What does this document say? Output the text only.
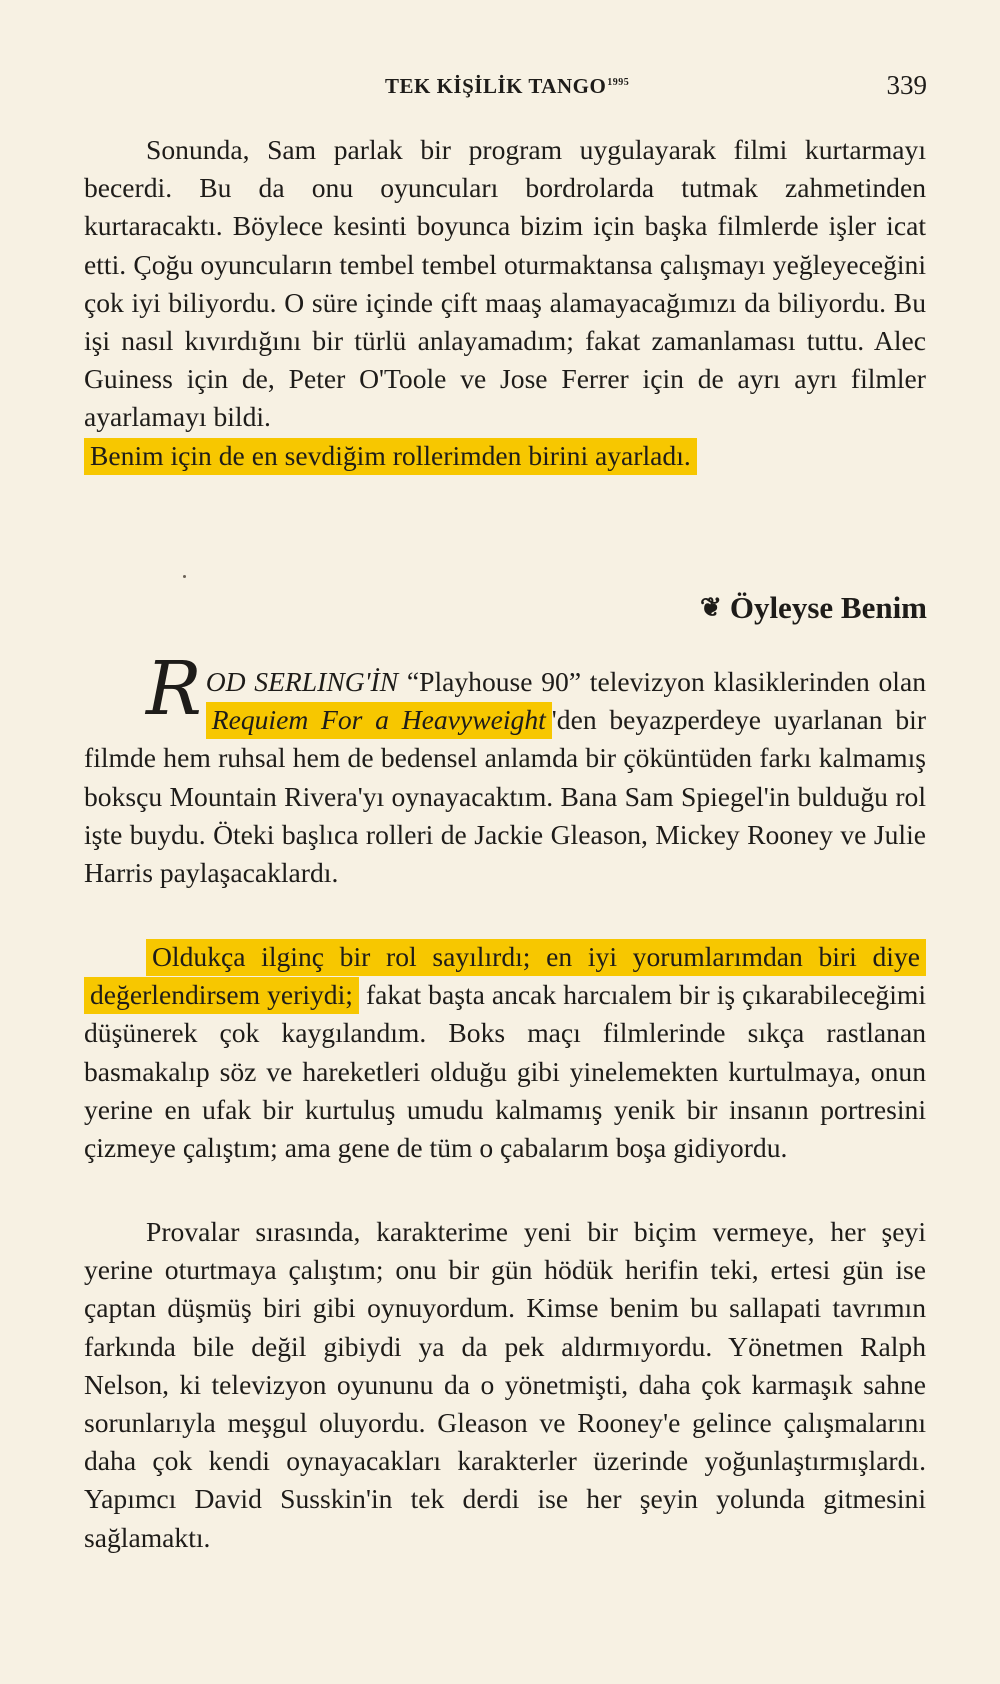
TEK KİŞİLİK $TANGO^{1995}$	339
Sonunda, Sam parlak bir program uygulayarak filmi kurtarmayı becerdi. Bu da onu oyuncuları bordrolarda tutmak zahmetinden kurtaracaktı. Böylece kesinti boyunca bizim için başka filmlerde işler icat etti. Çoğu oyuncuların tembel tembel oturmaktansa çalışmayı yeğleyeceğini çok iyi biliyordu. O süre içinde çift maaş alamayacağımızı da biliyordu. Bu işi nasıl kıvırdığını bir türlü anlayamadım; fakat zamanlaması tuttu. Alec Guiness için de, Peter O'Toole ve Jose Ferrer için de ayrı ayrı filmler ayarlamayı bildi.
Benim için de en sevdiğim rollerimden birini ayarladı.
❦ Öyleyse Benim
ROD SERLING'İN “Playhouse 90” televizyon klasiklerinden olan Requiem For a Heavyweight 'den beyazperdeye uyarlanan bir filmde hem ruhsal hem de bedensel anlamda bir çöküntüden farkı kalmamış boksçu Mountain Rivera'yı oynayacaktım. Bana Sam Spiegel'in bulduğu rol işte buydu. Öteki başlıca rolleri de Jackie Gleason, Mickey Rooney ve Julie Harris paylaşacaklardı.
Oldukça ilginç bir rol sayılırdı; en iyi yorumlarımdan biri diye değerlendirsem yeriydi; fakat başta ancak harcıalem bir iş çıkarabileceğimi düşünerek çok kaygılandım. Boks maçı filmlerinde sıkça rastlanan basmakalıp söz ve hareketleri olduğu gibi yinelemekten kurtulmaya, onun yerine en ufak bir kurtuluş umudu kalmamış yenik bir insanın portresini çizmeye çalıştım; ama gene de tüm o çabalarım boşa gidiyordu.
Provalar sırasında, karakterime yeni bir biçim vermeye, her şeyi yerine oturtmaya çalıştım; onu bir gün hödük herifin teki, ertesi gün ise çaptan düşmüş biri gibi oynuyordum. Kimse benim bu sallapati tavrımın farkında bile değil gibiydi ya da pek aldırmıyordu. Yönetmen Ralph Nelson, ki televizyon oyununu da o yönetmişti, daha çok karmaşık sahne sorunlarıyla meşgul oluyordu. Gleason ve Rooney'e gelince çalışmalarını daha çok kendi oynayacakları karakterler üzerinde yoğunlaştırmışlardı. Yapımcı David Susskin'in tek derdi ise her şeyin yolunda gitmesini sağlamaktı.
